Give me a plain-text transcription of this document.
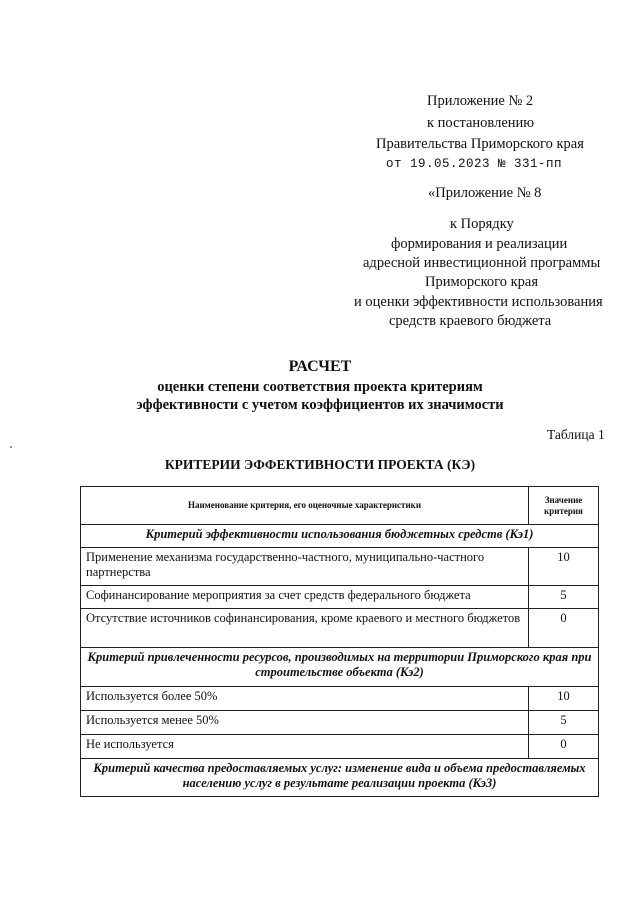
Приложение № 2
к постановлению
Правительства Приморского края
от 19.05.2023 № 331-пп
«Приложение № 8
к Порядку
формирования и реализации
адресной инвестиционной программы
Приморского края
и оценки эффективности использования
средств краевого бюджета
РАСЧЕТ
оценки степени соответствия проекта критериям
эффективности с учетом коэффициентов их значимости
Таблица 1
КРИТЕРИИ ЭФФЕКТИВНОСТИ ПРОЕКТА (КЭ)
Наименование критерия, его оценочные характеристики	Значение критерия
Критерий эффективности использования бюджетных средств (Кэ1)	
Применение механизма государственно-частного, муниципально-частного партнерства	10
Софинансирование мероприятия за счет средств федерального бюджета	5
Отсутствие источников софинансирования, кроме краевого и местного бюджетов	0
Критерий привлеченности ресурсов, производимых на территории Приморского края при строительстве объекта (Кэ2)	
Используется более 50%	10
Используется менее 50%	5
Не используется	0
Критерий качества предоставляемых услуг: изменение вида и объема предоставляемых населению услуг в результате реализации проекта (Кэ3)	
